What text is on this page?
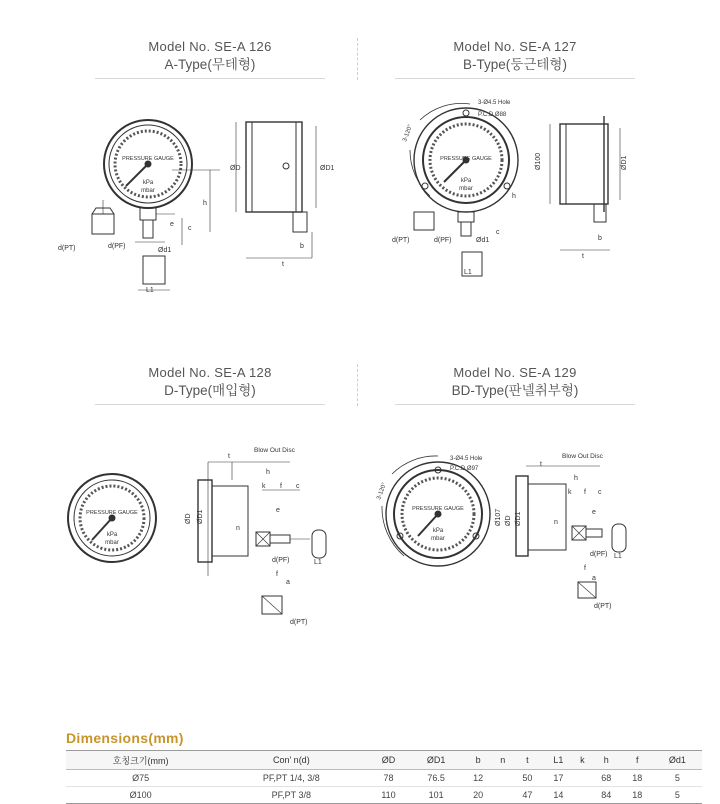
Model No. SE-A 126
A-Type(무테형)
Model No. SE-A 127
B-Type(둥근테형)
Model No. SE-A 128
D-Type(매입형)
Model No. SE-A 129
BD-Type(판넬취부형)
PRESSURE GAUGE
kPa
mbar
d(PT)	d(PF)
Ød1
L1
h
c
e
ØD	ØD1
b
t
PRESSURE GAUGE
kPa
mbar
3-Ø4.5 Hole
P.C.D Ø88
3-120°
d(PT)	d(PF)	Ød1
L1
h
c
Ø100	ØD1
b
t
PRESSURE GAUGE
kPa
mbar
Blow Out Disc
t
h
k f c
e
n
ØD ØD1
d(PF)	L1
f
a
d(PT)
PRESSURE GAUGE
kPa
mbar
3-Ø4.5 Hole
P.C.D Ø97
3-120°
Blow Out Disc
t
h
k f c
e
n
Ø107 ØD ØD1
d(PF) L1
f
a
d(PT)
Dimensions(mm)
호칭크기(mm)	Con' n(d)	ØD	ØD1	b	n	t	L1	k	h	f	Ød1
Ø75	PF,PT 1/4, 3/8	78	76.5	12		50	17		68	18	5
Ø100	PF,PT 3/8	110	101	20		47	14		84	18	5
